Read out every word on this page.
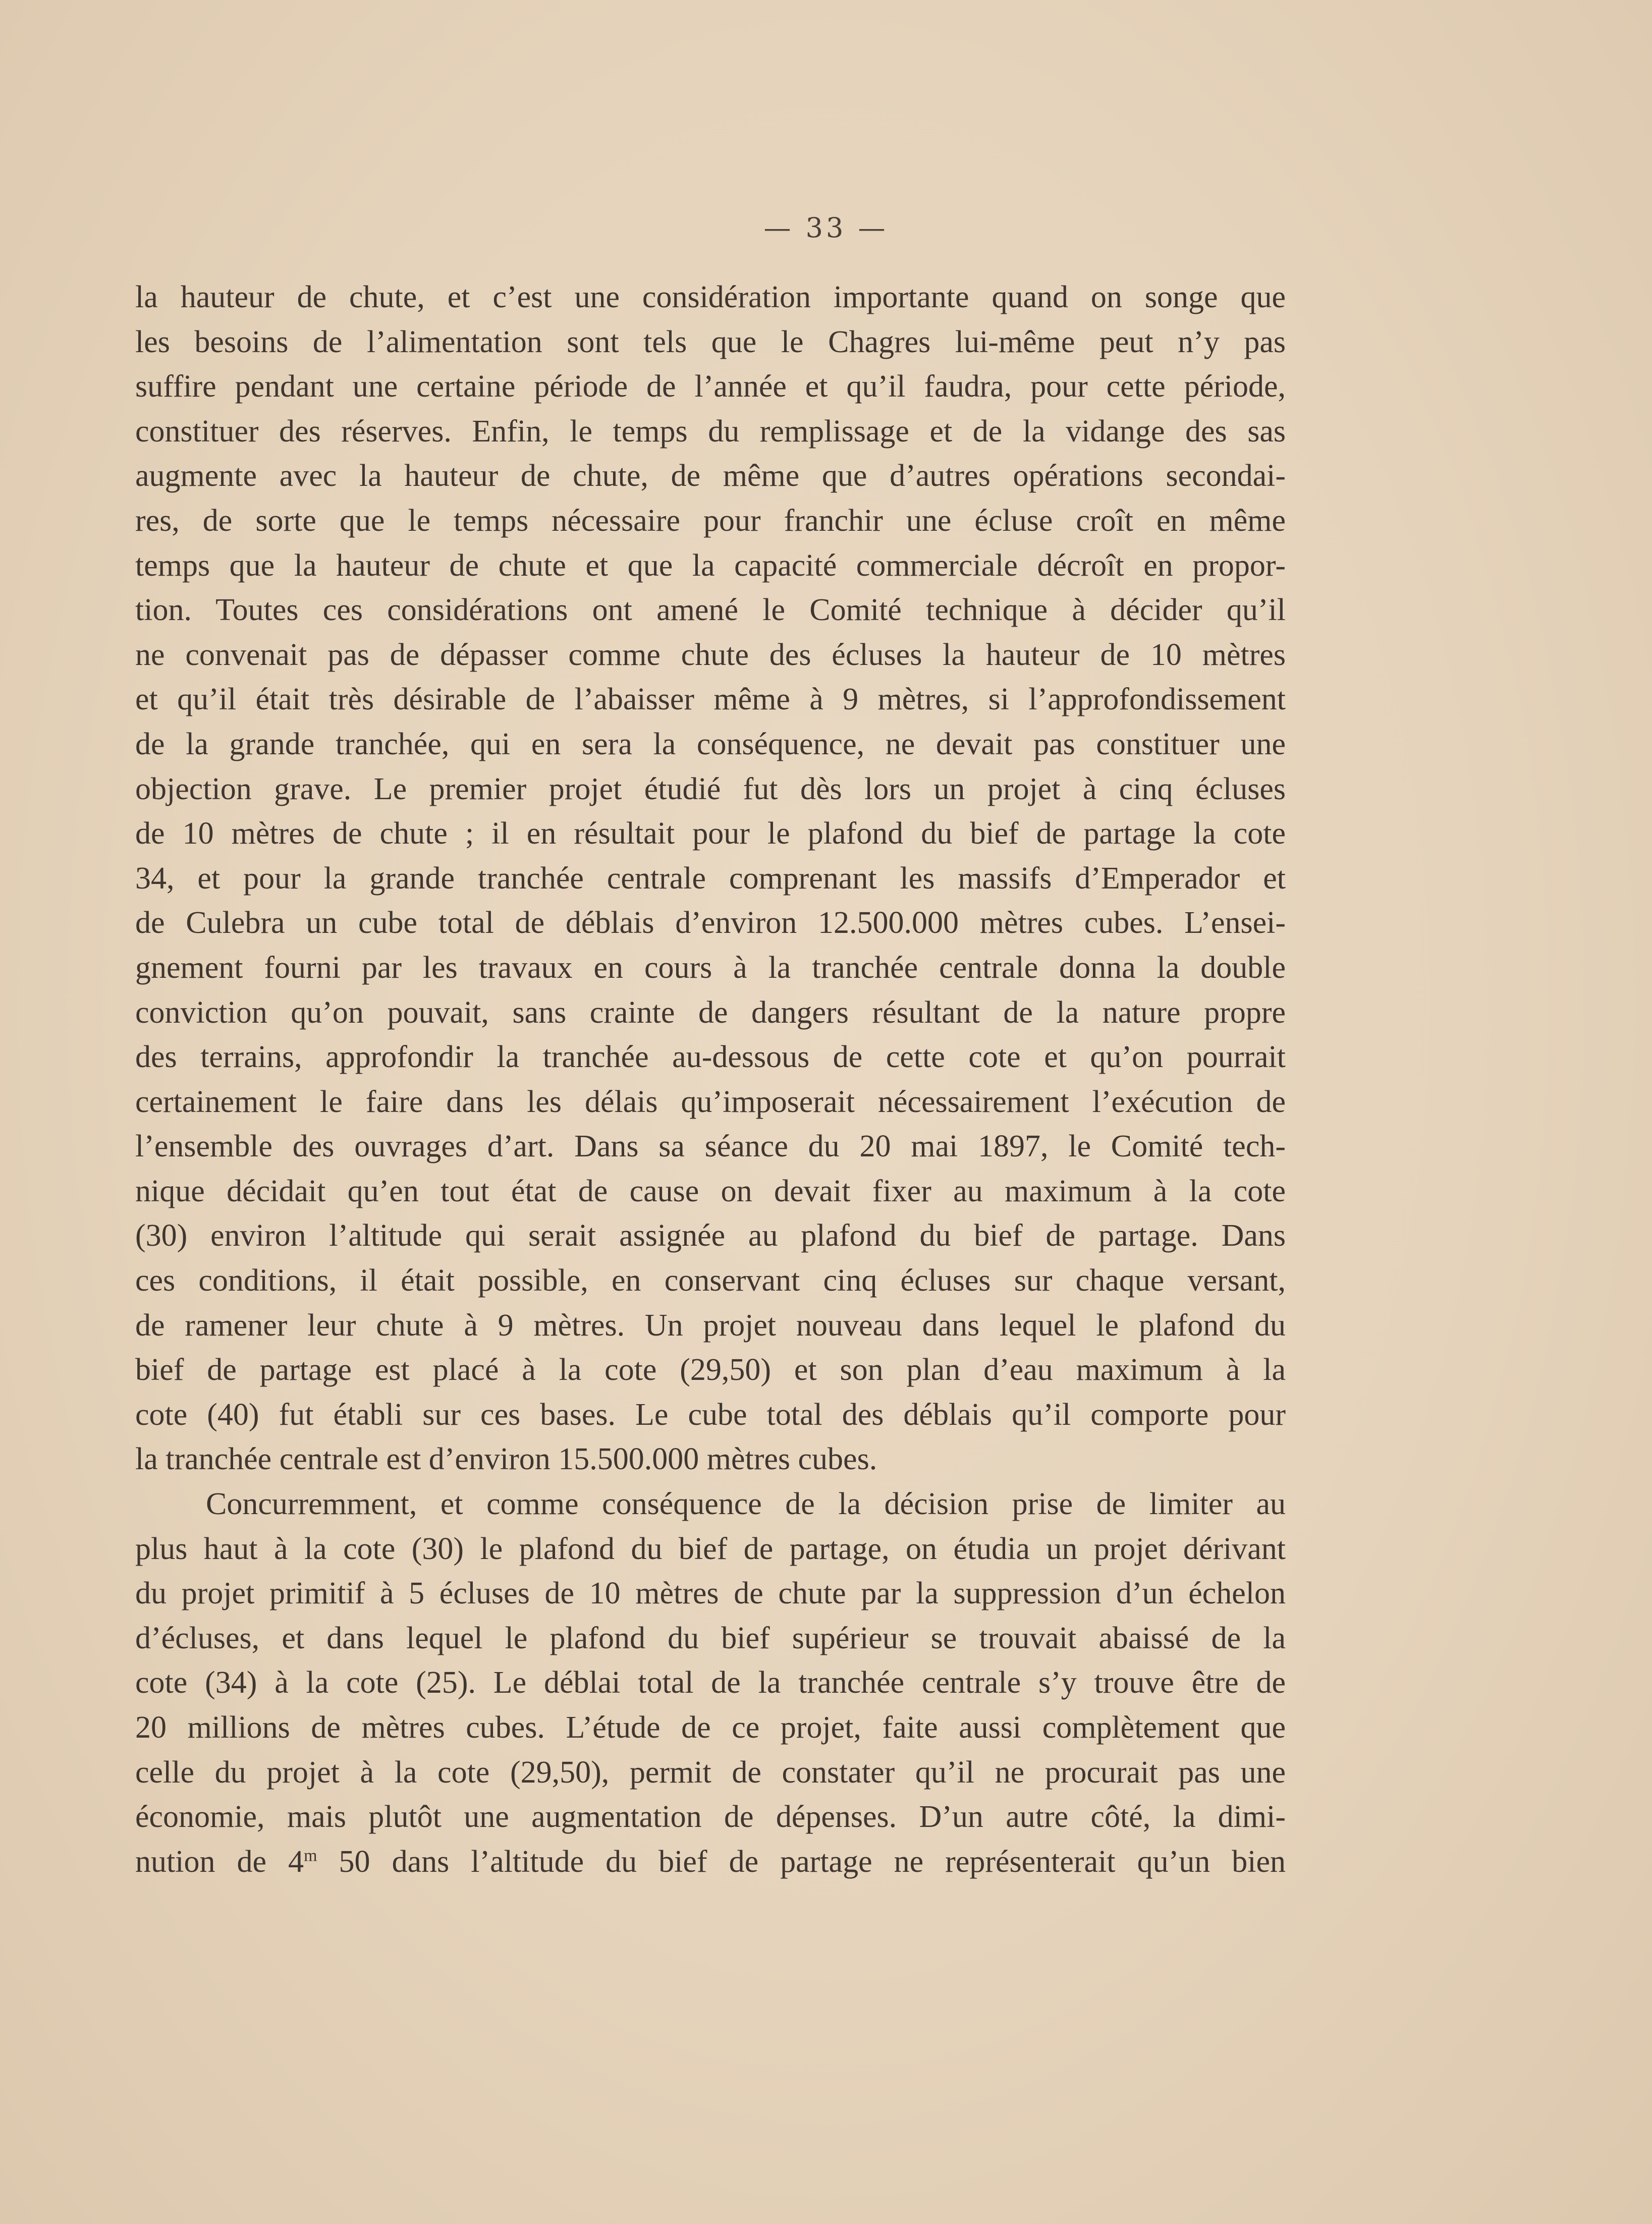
— 33 —
la hauteur de chute, et c’est une considération importante quand on songe que
les besoins de l’alimentation sont tels que le Chagres lui-même peut n’y pas
suffire pendant une certaine période de l’année et qu’il faudra, pour cette période,
constituer des réserves. Enfin, le temps du remplissage et de la vidange des sas
augmente avec la hauteur de chute, de même que d’autres opérations secondai-
res, de sorte que le temps nécessaire pour franchir une écluse croît en même
temps que la hauteur de chute et que la capacité commerciale décroît en propor-
tion. Toutes ces considérations ont amené le Comité technique à décider qu’il
ne convenait pas de dépasser comme chute des écluses la hauteur de 10 mètres
et qu’il était très désirable de l’abaisser même à 9 mètres, si l’approfondissement
de la grande tranchée, qui en sera la conséquence, ne devait pas constituer une
objection grave. Le premier projet étudié fut dès lors un projet à cinq écluses
de 10 mètres de chute ; il en résultait pour le plafond du bief de partage la cote
34, et pour la grande tranchée centrale comprenant les massifs d’Emperador et
de Culebra un cube total de déblais d’environ 12.500.000 mètres cubes. L’ensei-
gnement fourni par les travaux en cours à la tranchée centrale donna la double
conviction qu’on pouvait, sans crainte de dangers résultant de la nature propre
des terrains, approfondir la tranchée au-dessous de cette cote et qu’on pourrait
certainement le faire dans les délais qu’imposerait nécessairement l’exécution de
l’ensemble des ouvrages d’art. Dans sa séance du 20 mai 1897, le Comité tech-
nique décidait qu’en tout état de cause on devait fixer au maximum à la cote
(30) environ l’altitude qui serait assignée au plafond du bief de partage. Dans
ces conditions, il était possible, en conservant cinq écluses sur chaque versant,
de ramener leur chute à 9 mètres. Un projet nouveau dans lequel le plafond du
bief de partage est placé à la cote (29,50) et son plan d’eau maximum à la
cote (40) fut établi sur ces bases. Le cube total des déblais qu’il comporte pour
la tranchée centrale est d’environ 15.500.000 mètres cubes.
Concurremment, et comme conséquence de la décision prise de limiter au
plus haut à la cote (30) le plafond du bief de partage, on étudia un projet dérivant
du projet primitif à 5 écluses de 10 mètres de chute par la suppression d’un échelon
d’écluses, et dans lequel le plafond du bief supérieur se trouvait abaissé de la
cote (34) à la cote (25). Le déblai total de la tranchée centrale s’y trouve être de
20 millions de mètres cubes. L’étude de ce projet, faite aussi complètement que
celle du projet à la cote (29,50), permit de constater qu’il ne procurait pas une
économie, mais plutôt une augmentation de dépenses. D’un autre côté, la dimi-
nution de 4$^m$ 50 dans l’altitude du bief de partage ne représenterait qu’un bien
